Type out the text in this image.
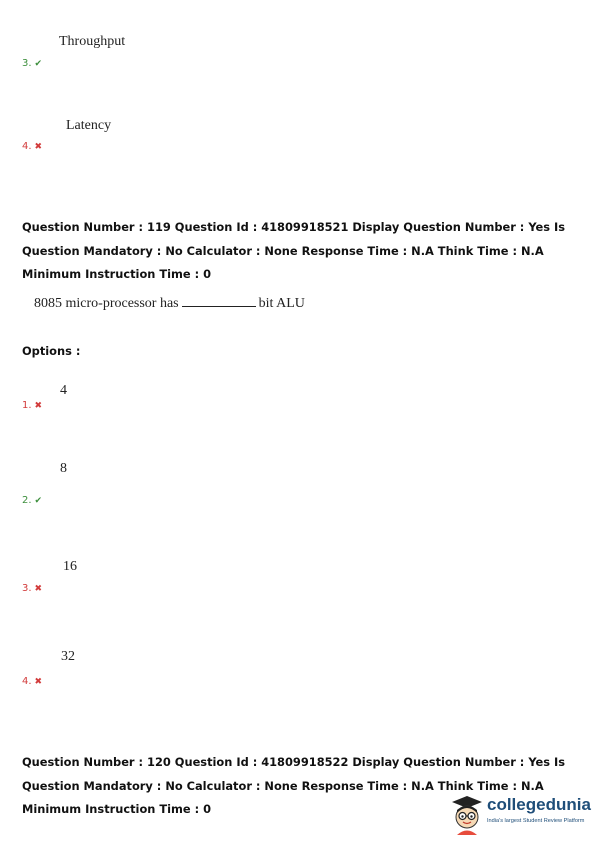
Throughput
3. ✔
Latency
4. ✖
Question Number : 119 Question Id : 41809918521 Display Question Number : Yes Is Question Mandatory : No Calculator : None Response Time : N.A Think Time : N.A Minimum Instruction Time : 0
8085 micro-processor has	bit ALU
Options :
4
1. ✖
8
2. ✔
16
3. ✖
32
4. ✖
Question Number : 120 Question Id : 41809918522 Display Question Number : Yes Is Question Mandatory : No Calculator : None Response Time : N.A Think Time : N.A Minimum Instruction Time : 0	collegedunia
India's largest Student Review Platform
